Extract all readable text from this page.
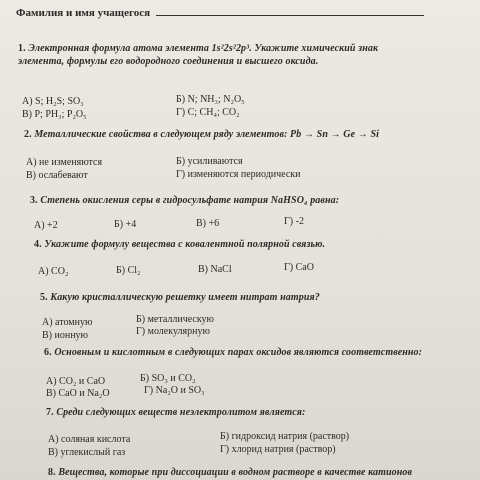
Фамилия и имя учащегося
1. Электронная формула атома элемента 1s²2s²2p³. Укажите химический знак
элемента, формулы его водородного соединения и высшего оксида.
А) S; H₂S; SO₃	Б) N; NH₃; N₂O₅
В) P; PH₃; P₂O₅	Г) С; CH₄; CO₂
2. Металлические свойства в следующем ряду элементов: Pb → Sn → Ge → Si
А) не изменяются	Б) усиливаются
В) ослабевают	Г) изменяются периодически
3. Степень окисления серы в гидросульфате натрия NaHSO₄ равна:
А) +2	Б) +4	В) +6	Г) -2
4. Укажите формулу вещества с ковалентной полярной связью.
А) CO₂	Б) Cl₂	В) NaCl	Г) CaO
5. Какую кристаллическую решетку имеет нитрат натрия?
А) атомную	Б) металлическую
В) ионную	Г) молекулярную
6. Основным и кислотным в следующих парах оксидов являются соответственно:
А) CO₂ и CaO	Б) SO₃ и CO₂
В) CaO и Na₂O	Г) Na₂O и SO₃
7. Среди следующих веществ неэлектролитом является:
А) соляная кислота	Б) гидроксид натрия (раствор)
В) углекислый газ	Г) хлорид натрия (раствор)
8. Вещества, которые при диссоциации в водном растворе в качестве катионов
